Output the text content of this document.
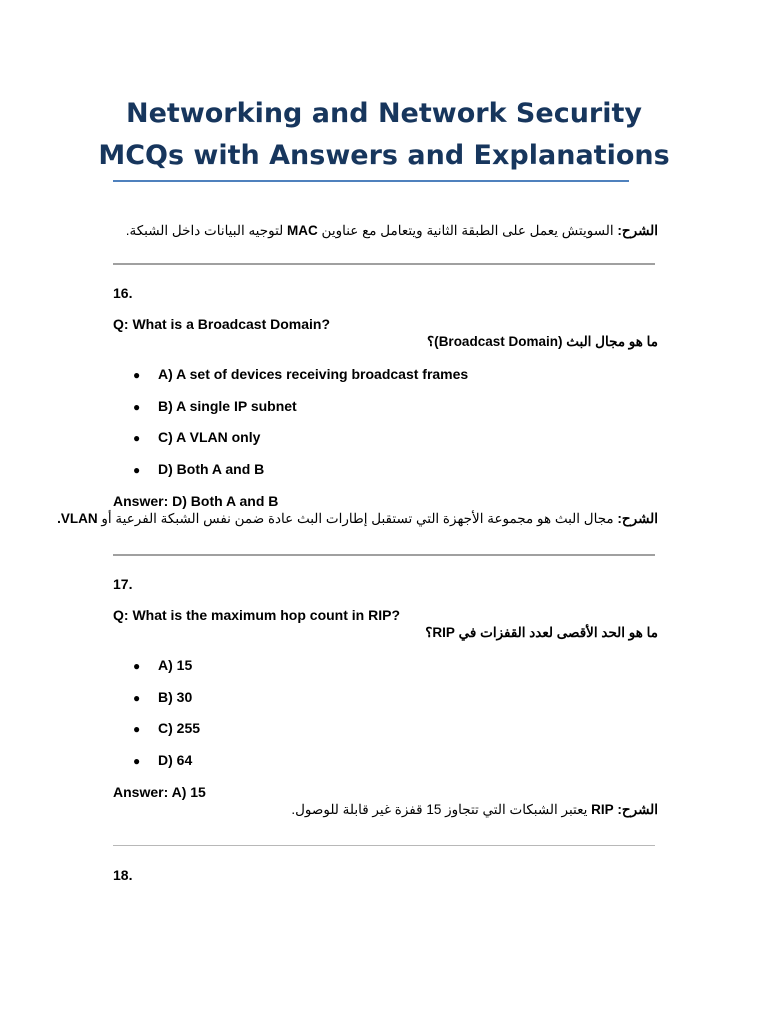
Networking and Network Security
MCQs with Answers and Explanations
الشرح: السويتش يعمل على الطبقة الثانية ويتعامل مع عناوين MAC لتوجيه البيانات داخل الشبكة.
16.
Q: What is a Broadcast Domain?
ما هو مجال البث (Broadcast Domain)؟
● A) A set of devices receiving broadcast frames
● B) A single IP subnet
● C) A VLAN only
● D) Both A and B
Answer: D) Both A and B
الشرح: مجال البث هو مجموعة الأجهزة التي تستقبل إطارات البث عادة ضمن نفس الشبكة الفرعية أو VLAN.
17.
Q: What is the maximum hop count in RIP?
ما هو الحد الأقصى لعدد القفزات في RIP؟
● A) 15
● B) 30
● C) 255
● D) 64
Answer: A) 15
الشرح: RIP يعتبر الشبكات التي تتجاوز 15 قفزة غير قابلة للوصول.
18.
